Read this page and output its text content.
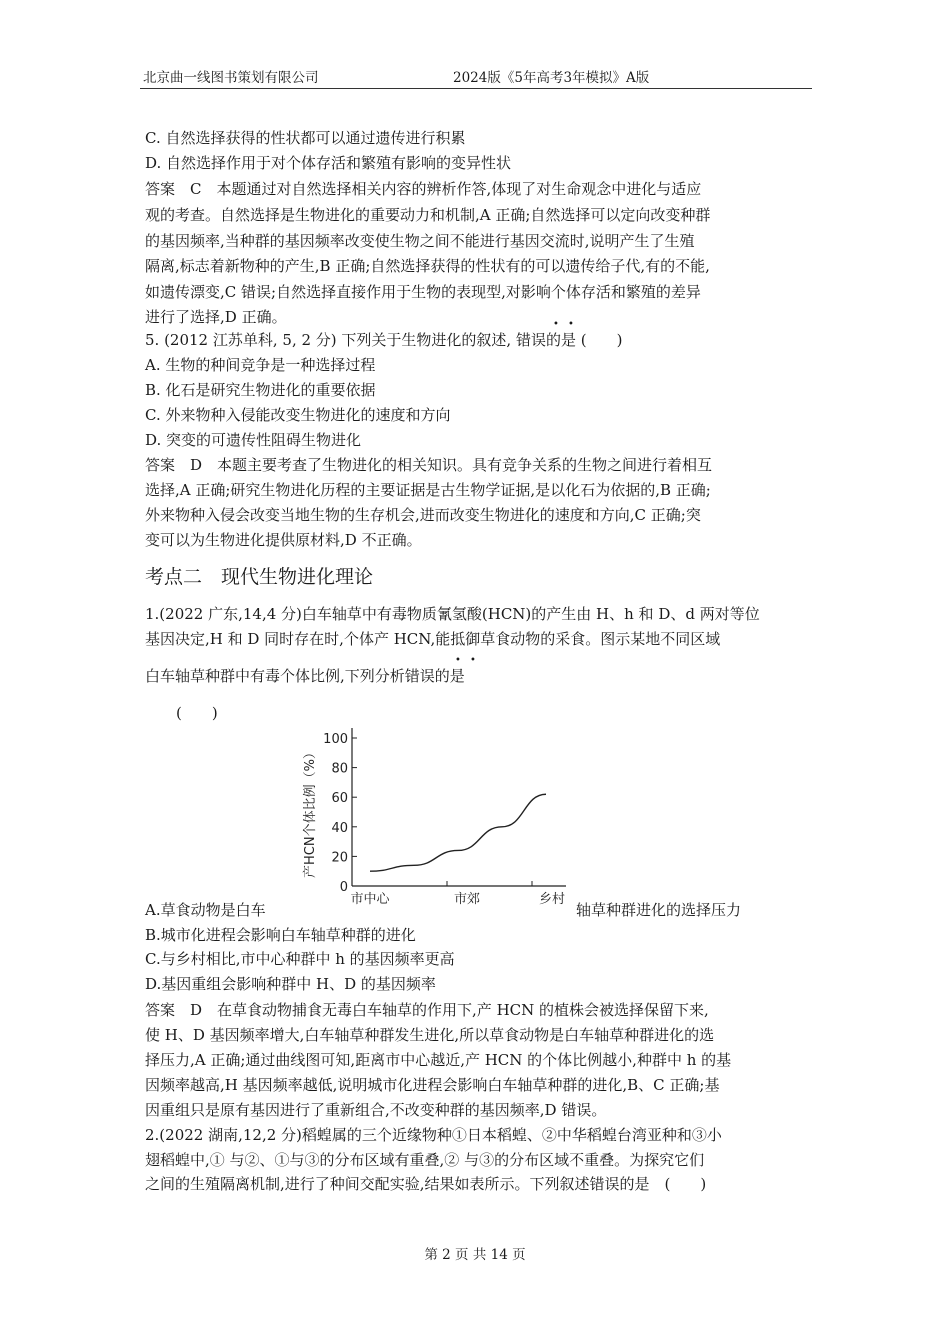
北京曲一线图书策划有限公司	2024版《5年高考3年模拟》A版
C. 自然选择获得的性状都可以通过遗传进行积累
D. 自然选择作用于对个体存活和繁殖有影响的变异性状
答案　C　本题通过对自然选择相关内容的辨析作答,体现了对生命观念中进化与适应
观的考查。自然选择是生物进化的重要动力和机制,A 正确;自然选择可以定向改变种群
的基因频率,当种群的基因频率改变使生物之间不能进行基因交流时,说明产生了生殖
隔离,标志着新物种的产生,B 正确;自然选择获得的性状有的可以遗传给子代,有的不能,
如遗传漂变,C 错误;自然选择直接作用于生物的表现型,对影响个体存活和繁殖的差异
进行了选择,D 正确。	• •
5. (2012 江苏单科, 5, 2 分) 下列关于生物进化的叙述, 错误的是 (　　)
A. 生物的种间竞争是一种选择过程
B. 化石是研究生物进化的重要依据
C. 外来物种入侵能改变生物进化的速度和方向
D. 突变的可遗传性阻碍生物进化
答案　D　本题主要考查了生物进化的相关知识。具有竞争关系的生物之间进行着相互
选择,A 正确;研究生物进化历程的主要证据是古生物学证据,是以化石为依据的,B 正确;
外来物种入侵会改变当地生物的生存机会,进而改变生物进化的速度和方向,C 正确;突
变可以为生物进化提供原材料,D 不正确。
考点二　现代生物进化理论
1.(2022 广东,14,4 分)白车轴草中有毒物质氰氢酸(HCN)的产生由 H、h 和 D、d 两对等位
基因决定,H 和 D 同时存在时,个体产 HCN,能抵御草食动物的采食。图示某地不同区域
• •
白车轴草种群中有毒个体比例,下列分析错误的是
(　　)
100
80
60
40
20
0
市中心	市郊	乡村
产HCN个体比例（%）
A.草食动物是白车	轴草种群进化的选择压力
B.城市化进程会影响白车轴草种群的进化
C.与乡村相比,市中心种群中 h 的基因频率更高
D.基因重组会影响种群中 H、D 的基因频率
答案　D　在草食动物捕食无毒白车轴草的作用下,产 HCN 的植株会被选择保留下来,
使 H、D 基因频率增大,白车轴草种群发生进化,所以草食动物是白车轴草种群进化的选
择压力,A 正确;通过曲线图可知,距离市中心越近,产 HCN 的个体比例越小,种群中 h 的基
因频率越高,H 基因频率越低,说明城市化进程会影响白车轴草种群的进化,B、C 正确;基
因重组只是原有基因进行了重新组合,不改变种群的基因频率,D 错误。
2.(2022 湖南,12,2 分)稻蝗属的三个近缘物种①日本稻蝗、②中华稻蝗台湾亚种和③小
翅稻蝗中,① 与②、①与③的分布区域有重叠,② 与③的分布区域不重叠。为探究它们
之间的生殖隔离机制,进行了种间交配实验,结果如表所示。下列叙述错误的是　(　　)
第 2 页 共 14 页
